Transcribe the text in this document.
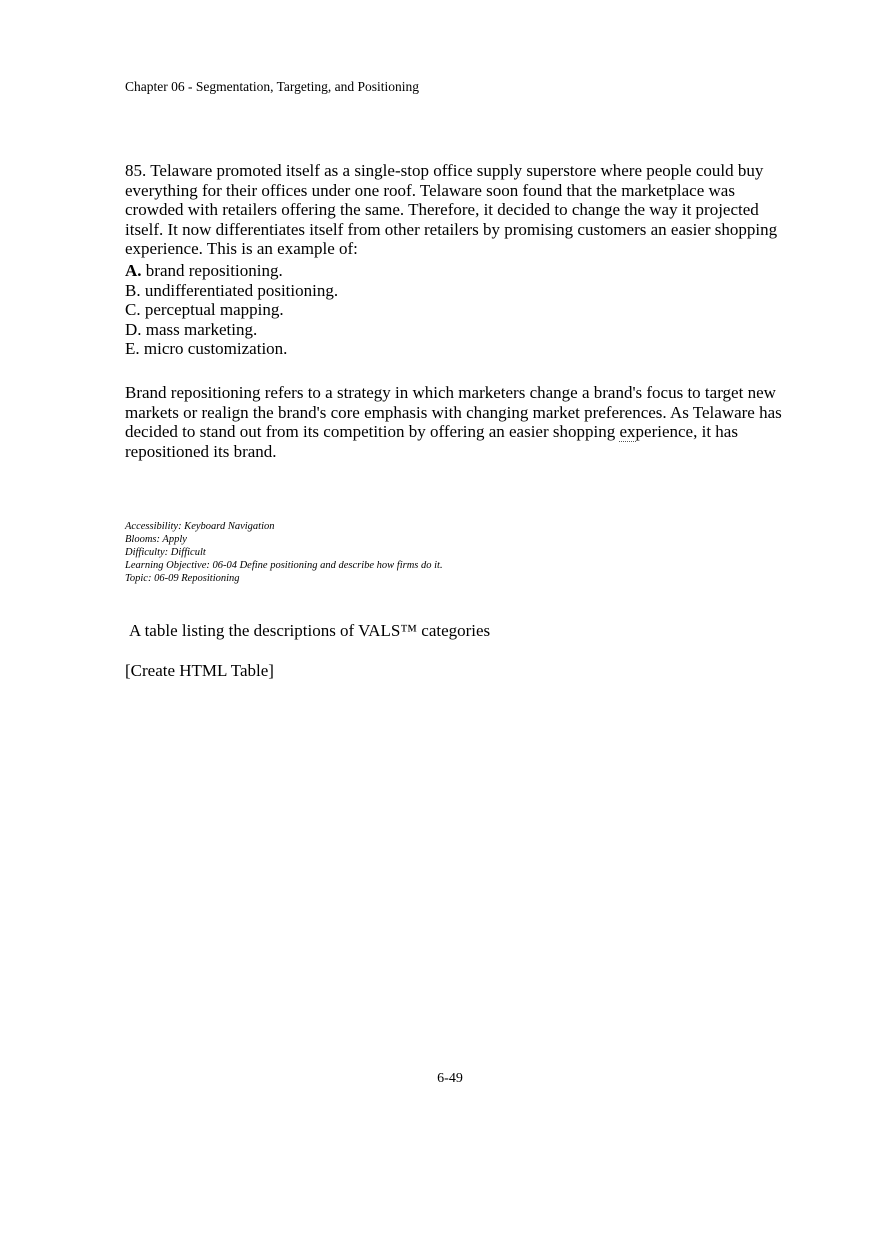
Chapter 06 - Segmentation, Targeting, and Positioning

85. Telaware promoted itself as a single-stop office supply superstore where people could buy everything for their offices under one roof. Telaware soon found that the marketplace was crowded with retailers offering the same. Therefore, it decided to change the way it projected itself. It now differentiates itself from other retailers by promising customers an easier shopping experience. This is an example of:

A. brand repositioning.
B. undifferentiated positioning.
C. perceptual mapping.
D. mass marketing.
E. micro customization.
Brand repositioning refers to a strategy in which marketers change a brand's focus to target new markets or realign the brand's core emphasis with changing market preferences. As Telaware has decided to stand out from its competition by offering an easier shopping experience, it has repositioned its brand.
Accessibility: Keyboard Navigation
Blooms: Apply
Difficulty: Difficult
Learning Objective: 06-04 Define positioning and describe how firms do it.
Topic: 06-09 Repositioning
A table listing the descriptions of VALS™ categories
[Create HTML Table]
6-49
